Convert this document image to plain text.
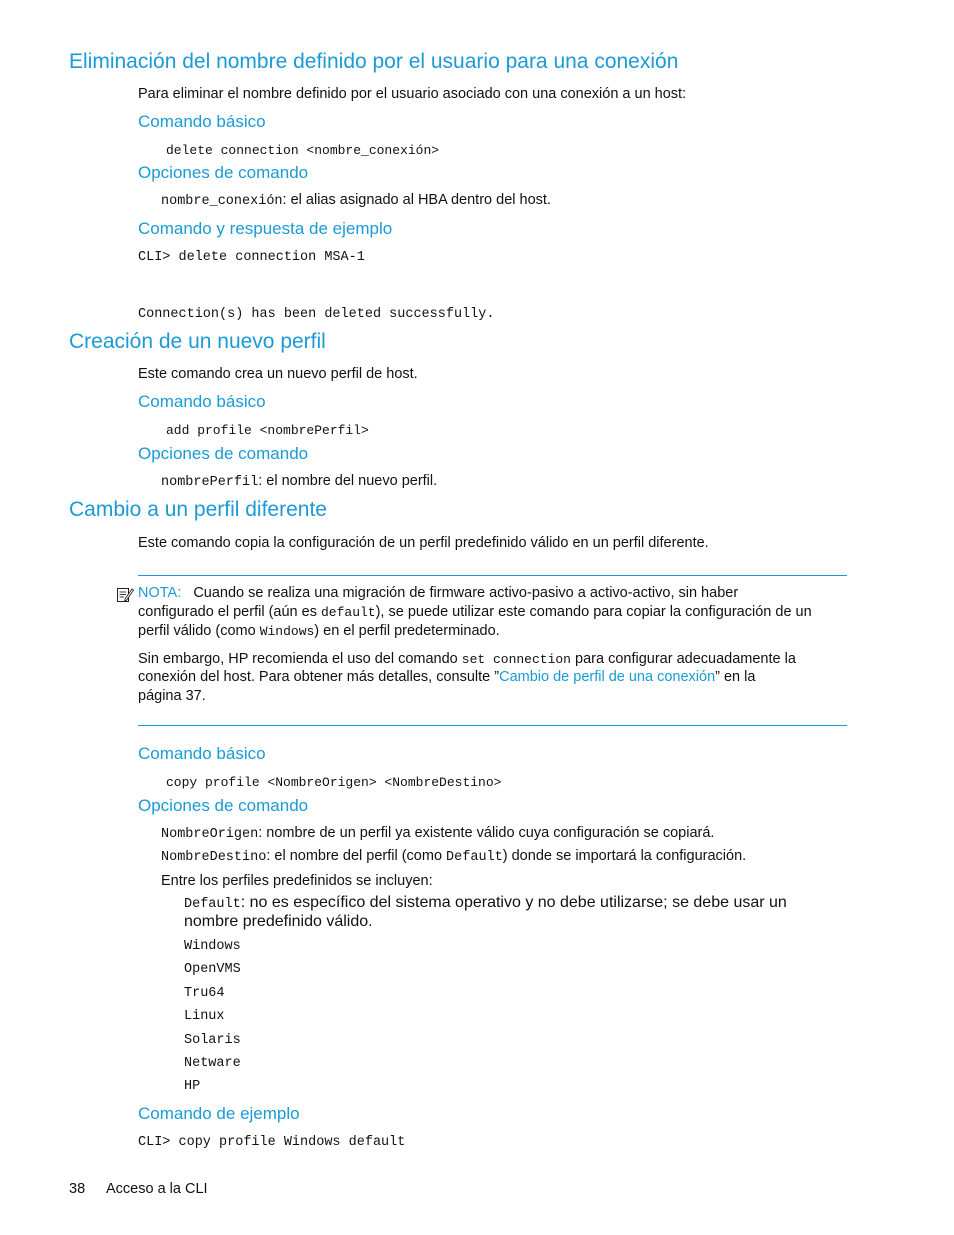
Eliminación del nombre definido por el usuario para una conexión
Para eliminar el nombre definido por el usuario asociado con una conexión a un host:
Comando básico
delete connection <nombre_conexión>
Opciones de comando
nombre_conexión: el alias asignado al HBA dentro del host.
Comando y respuesta de ejemplo
CLI> delete connection MSA-1
Connection(s) has been deleted successfully.
Creación de un nuevo perfil
Este comando crea un nuevo perfil de host.
Comando básico
add profile <nombrePerfil>
Opciones de comando
nombrePerfil: el nombre del nuevo perfil.
Cambio a un perfil diferente
Este comando copia la configuración de un perfil predefinido válido en un perfil diferente.
NOTA: Cuando se realiza una migración de firmware activo-pasivo a activo-activo, sin haber
configurado el perfil (aún es default), se puede utilizar este comando para copiar la configuración de un
perfil válido (como Windows) en el perfil predeterminado.
Sin embargo, HP recomienda el uso del comando set connection para configurar adecuadamente la
conexión del host. Para obtener más detalles, consulte ”Cambio de perfil de una conexión” en la
página 37.
Comando básico
copy profile <NombreOrigen> <NombreDestino>
Opciones de comando
NombreOrigen: nombre de un perfil ya existente válido cuya configuración se copiará.
NombreDestino: el nombre del perfil (como Default) donde se importará la configuración.
Entre los perfiles predefinidos se incluyen:
Default: no es específico del sistema operativo y no debe utilizarse; se debe usar un
nombre predefinido válido.
Windows
OpenVMS
Tru64
Linux
Solaris
Netware
HP
Comando de ejemplo
CLI> copy profile Windows default
38 Acceso a la CLI
